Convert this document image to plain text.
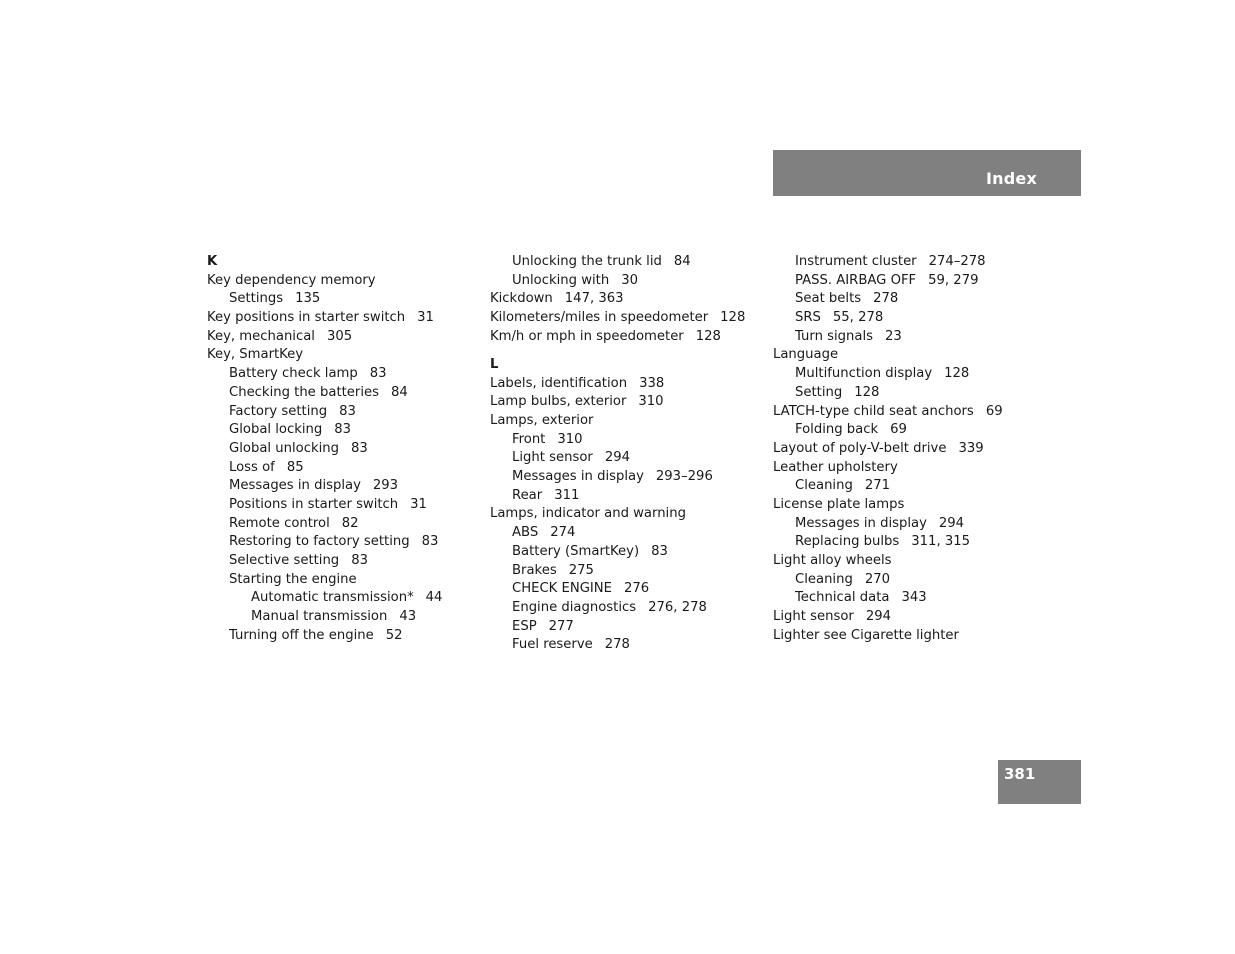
Index
K
Key dependency memory
Settings 135
Key positions in starter switch 31
Key, mechanical 305
Key, SmartKey
Battery check lamp 83
Checking the batteries 84
Factory setting 83
Global locking 83
Global unlocking 83
Loss of 85
Messages in display 293
Positions in starter switch 31
Remote control 82
Restoring to factory setting 83
Selective setting 83
Starting the engine
Automatic transmission* 44
Manual transmission 43
Turning off the engine 52
Unlocking the trunk lid 84
Unlocking with 30
Kickdown 147, 363
Kilometers/miles in speedometer 128
Km/h or mph in speedometer 128
L
Labels, identification 338
Lamp bulbs, exterior 310
Lamps, exterior
Front 310
Light sensor 294
Messages in display 293–296
Rear 311
Lamps, indicator and warning
ABS 274
Battery (SmartKey) 83
Brakes 275
CHECK ENGINE 276
Engine diagnostics 276, 278
ESP 277
Fuel reserve 278
Instrument cluster 274–278
PASS. AIRBAG OFF 59, 279
Seat belts 278
SRS 55, 278
Turn signals 23
Language
Multifunction display 128
Setting 128
LATCH-type child seat anchors 69
Folding back 69
Layout of poly-V-belt drive 339
Leather upholstery
Cleaning 271
License plate lamps
Messages in display 294
Replacing bulbs 311, 315
Light alloy wheels
Cleaning 270
Technical data 343
Light sensor 294
Lighter see Cigarette lighter
381
